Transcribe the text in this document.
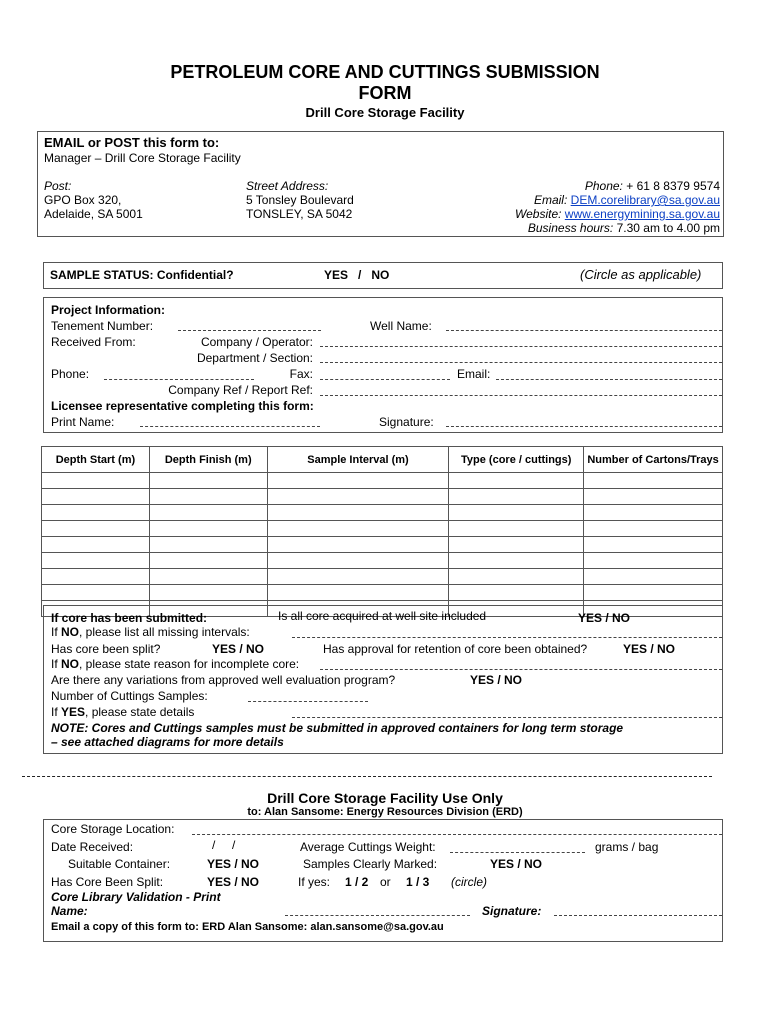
PETROLEUM CORE AND CUTTINGS SUBMISSION
FORM
Drill Core Storage Facility
EMAIL or POST this form to:
Manager – Drill Core Storage Facility
Post:
GPO Box 320,
Adelaide, SA 5001
Street Address:
5 Tonsley Boulevard
TONSLEY, SA 5042
Phone: + 61 8 8379 9574
Email: DEM.corelibrary@sa.gov.au
Website: www.energymining.sa.gov.au
Business hours: 7.30 am to 4.00 pm
SAMPLE STATUS: Confidential?	YES   /   NO	(Circle as applicable)
Project Information:
Tenement Number:	Well Name:
Received From:	Company / Operator:
Department / Section:
Phone:	Fax:	Email:
Company Ref / Report Ref:
Licensee representative completing this form:
Print Name:	Signature:
Depth Start (m)	Depth Finish (m)	Sample Interval (m)	Type (core / cuttings)	Number of Cartons/Trays

If core has been submitted:	Is all core acquired at well site included	YES / NO
If NO, please list all missing intervals:
Has core been split?	YES / NO	Has approval for retention of core been obtained?	YES / NO
If NO, please state reason for incomplete core:
Are there any variations from approved well evaluation program?	YES / NO
Number of Cuttings Samples:
If YES, please state details
NOTE: Cores and Cuttings samples must be submitted in approved containers for long term storage
– see attached diagrams for more details
Drill Core Storage Facility Use Only
to: Alan Sansome: Energy Resources Division (ERD)
Core Storage Location:
Date Received:	/     /	Average Cuttings Weight:	grams / bag
Suitable Container:	YES / NO	Samples Clearly Marked:	YES / NO
Has Core Been Split:	YES / NO	If yes: 1 / 2 or 1 / 3 (circle)
Core Library Validation - Print
Name:	Signature:
Email a copy of this form to: ERD Alan Sansome: alan.sansome@sa.gov.au
